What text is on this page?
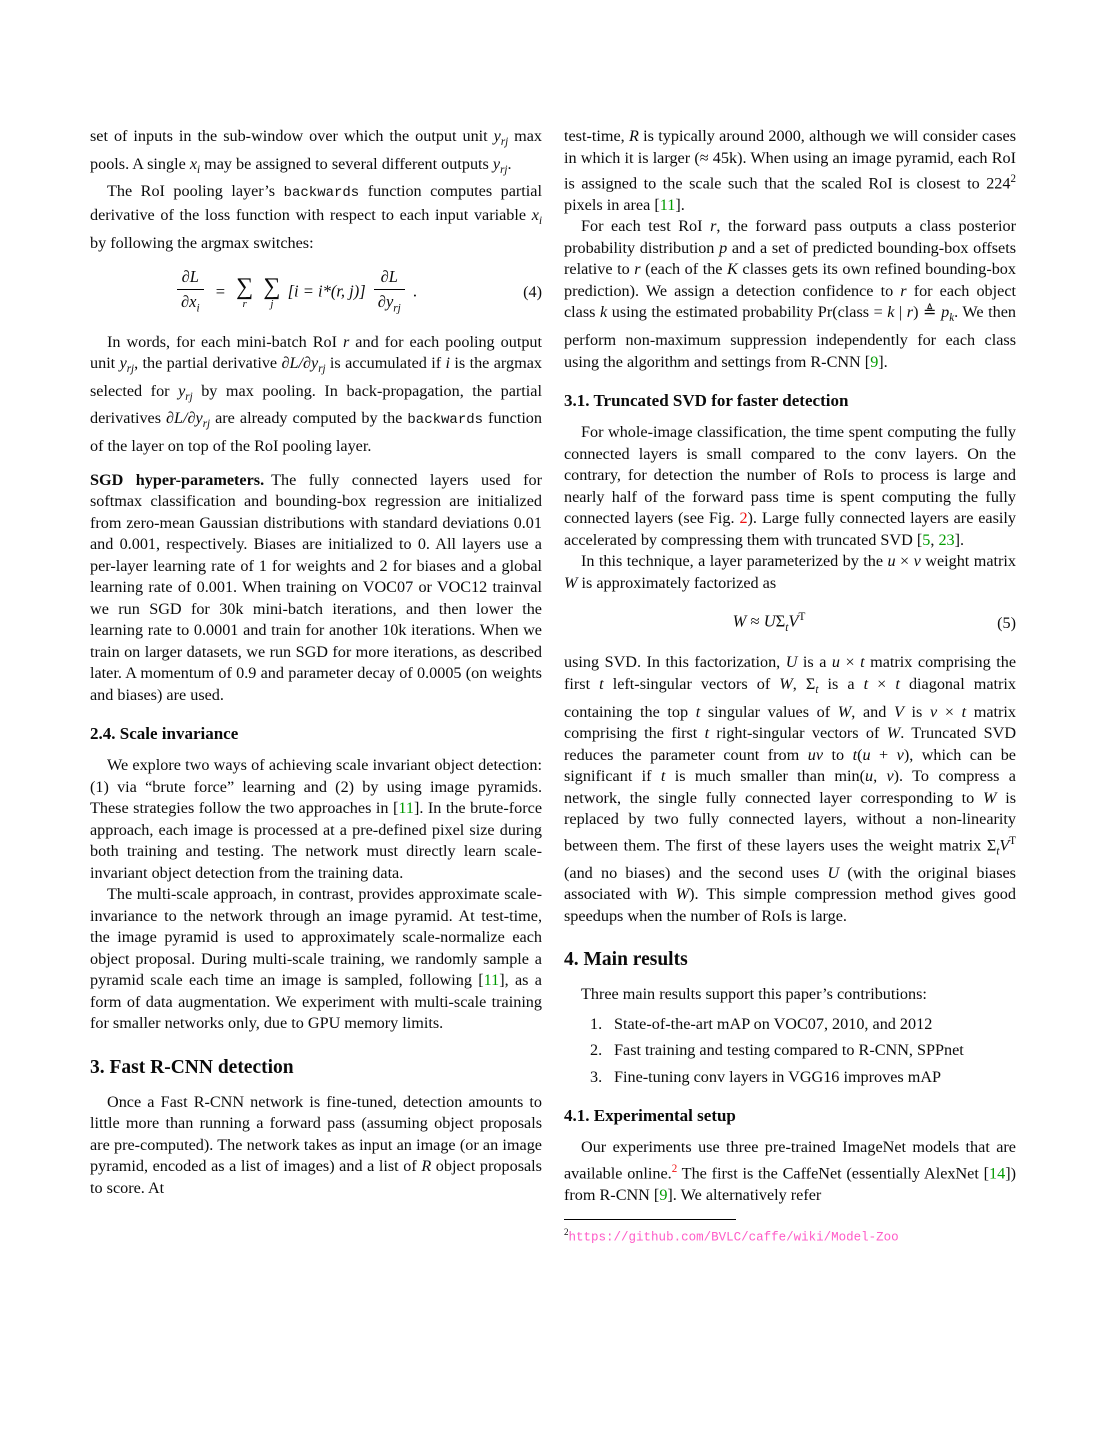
set of inputs in the sub-window over which the output unit $y_{rj}$ max pools. A single $x_i$ may be assigned to several different outputs $y_{rj}$.

The RoI pooling layer’s backwards function computes partial derivative of the loss function with respect to each input variable $x_i$ by following the argmax switches:

$\frac{\partial L}{\partial x_i}$ = ∑
r

∑
j
[i = i*(r, $j)] \frac{\partial L}{\partial y_{rj}}$ .	(4)

In words, for each mini-batch RoI r and for each pooling output unit $y_{rj}$, the partial derivative $\partial L/\partial y_{rj}$ is accumulated if i is the argmax selected for $y_{rj}$ by max pooling. In back-propagation, the partial derivatives $\partial L/\partial y_{rj}$ are already computed by the backwards function of the layer on top of the RoI pooling layer.

SGD hyper-parameters. The fully connected layers used for softmax classification and bounding-box regression are initialized from zero-mean Gaussian distributions with standard deviations 0.01 and 0.001, respectively. Biases are initialized to 0. All layers use a per-layer learning rate of 1 for weights and 2 for biases and a global learning rate of 0.001. When training on VOC07 or VOC12 trainval we run SGD for 30k mini-batch iterations, and then lower the learning rate to 0.0001 and train for another 10k iterations. When we train on larger datasets, we run SGD for more iterations, as described later. A momentum of 0.9 and parameter decay of 0.0005 (on weights and biases) are used.

2.4. Scale invariance

We explore two ways of achieving scale invariant object detection: (1) via “brute force” learning and (2) by using image pyramids. These strategies follow the two approaches in [11]. In the brute-force approach, each image is processed at a pre-defined pixel size during both training and testing. The network must directly learn scale-invariant object detection from the training data.

The multi-scale approach, in contrast, provides approximate scale-invariance to the network through an image pyramid. At test-time, the image pyramid is used to approximately scale-normalize each object proposal. During multi-scale training, we randomly sample a pyramid scale each time an image is sampled, following [11], as a form of data augmentation. We experiment with multi-scale training for smaller networks only, due to GPU memory limits.

3. Fast R-CNN detection

Once a Fast R-CNN network is fine-tuned, detection amounts to little more than running a forward pass (assuming object proposals are pre-computed). The network takes as input an image (or an image pyramid, encoded as a list of images) and a list of R object proposals to score. At

test-time, R is typically around 2000, although we will consider cases in which it is larger (≈ 45k). When using an image pyramid, each RoI is assigned to the scale such that the scaled RoI is closest to $224^2$ pixels in area [11].

For each test RoI r, the forward pass outputs a class posterior probability distribution p and a set of predicted bounding-box offsets relative to r (each of the K classes gets its own refined bounding-box prediction). We assign a detection confidence to r for each object class k using the estimated probability Pr(class = k | r) ≜ $p_k$. We then perform non-maximum suppression independently for each class using the algorithm and settings from R-CNN [9].

3.1. Truncated SVD for faster detection

For whole-image classification, the time spent computing the fully connected layers is small compared to the conv layers. On the contrary, for detection the number of RoIs to process is large and nearly half of the forward pass time is spent computing the fully connected layers (see Fig. 2). Large fully connected layers are easily accelerated by compressing them with truncated SVD [5, 23].

In this technique, a layer parameterized by the u × v weight matrix W is approximately factorized as

$W \approx U\Sigma_tV^T$	(5)

using SVD. In this factorization, U is a u × t matrix comprising the first t left-singular vectors of W, $\Sigma_t$ is a t × t diagonal matrix containing the top t singular values of W, and V is v × t matrix comprising the first t right-singular vectors of W. Truncated SVD reduces the parameter count from uv to t(u + v), which can be significant if t is much smaller than min(u, v). To compress a network, the single fully connected layer corresponding to W is replaced by two fully connected layers, without a non-linearity between them. The first of these layers uses the weight matrix $\Sigma_tV^T$ (and no biases) and the second uses U (with the original biases associated with W). This simple compression method gives good speedups when the number of RoIs is large.

4. Main results

Three main results support this paper’s contributions:

1. State-of-the-art mAP on VOC07, 2010, and 2012
2. Fast training and testing compared to R-CNN, SPPnet
3. Fine-tuning conv layers in VGG16 improves mAP
4.1. Experimental setup

Our experiments use three pre-trained ImageNet models that are available online.$^2$ The first is the CaffeNet (essentially AlexNet [14]) from R-CNN [9]. We alternatively refer

$^2$https://github.com/BVLC/caffe/wiki/Model-Zoo
